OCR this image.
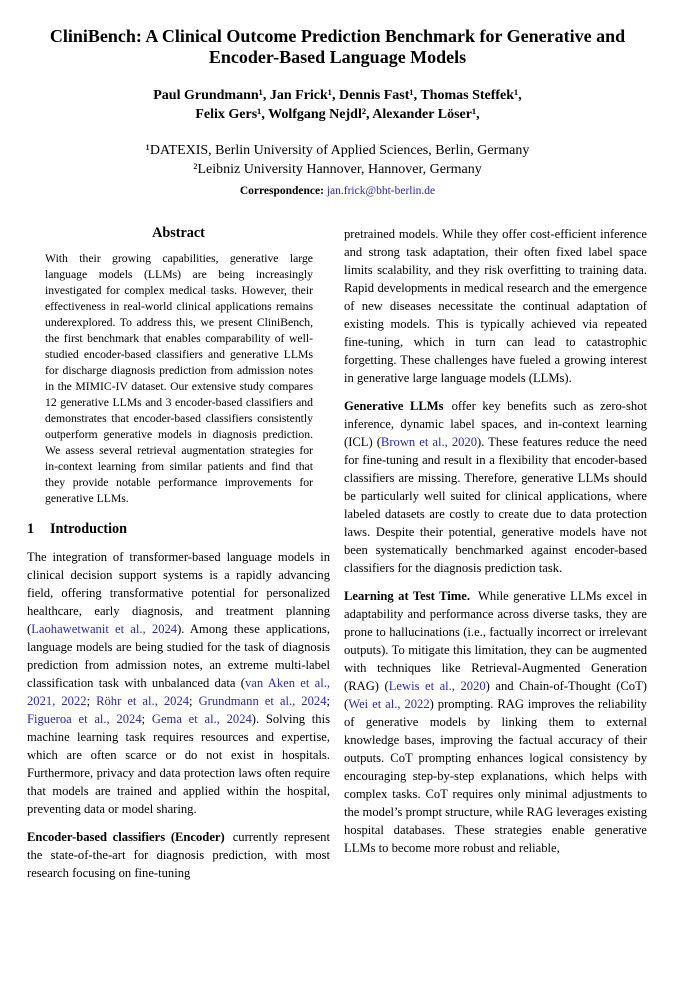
CliniBench: A Clinical Outcome Prediction Benchmark for Generative and
Encoder-Based Language Models
Paul Grundmann¹, Jan Frick¹, Dennis Fast¹, Thomas Steffek¹,
Felix Gers¹, Wolfgang Nejdl², Alexander Löser¹,
¹DATEXIS, Berlin University of Applied Sciences, Berlin, Germany
²Leibniz University Hannover, Hannover, Germany
Correspondence: jan.frick@bht-berlin.de
Abstract

With their growing capabilities, generative large language models (LLMs) are being increasingly investigated for complex medical tasks. However, their effectiveness in real-world clinical applications remains underexplored. To address this, we present CliniBench, the first benchmark that enables comparability of well-studied encoder-based classifiers and generative LLMs for discharge diagnosis prediction from admission notes in the MIMIC-IV dataset. Our extensive study compares 12 generative LLMs and 3 encoder-based classifiers and demonstrates that encoder-based classifiers consistently outperform generative models in diagnosis prediction. We assess several retrieval augmentation strategies for in-context learning from similar patients and find that they provide notable performance improvements for generative LLMs.

1 Introduction

The integration of transformer-based language models in clinical decision support systems is a rapidly advancing field, offering transformative potential for personalized healthcare, early diagnosis, and treatment planning (Laohawetwanit et al., 2024). Among these applications, language models are being studied for the task of diagnosis prediction from admission notes, an extreme multi-label classification task with unbalanced data (van Aken et al., 2021, 2022; Röhr et al., 2024; Grundmann et al., 2024; Figueroa et al., 2024; Gema et al., 2024). Solving this machine learning task requires resources and expertise, which are often scarce or do not exist in hospitals. Furthermore, privacy and data protection laws often require that models are trained and applied within the hospital, preventing data or model sharing.

Encoder-based classifiers (Encoder) currently represent the state-of-the-art for diagnosis prediction, with most research focusing on fine-tuning

pretrained models. While they offer cost-efficient inference and strong task adaptation, their often fixed label space limits scalability, and they risk overfitting to training data. Rapid developments in medical research and the emergence of new diseases necessitate the continual adaptation of existing models. This is typically achieved via repeated fine-tuning, which in turn can lead to catastrophic forgetting. These challenges have fueled a growing interest in generative large language models (LLMs).

Generative LLMs offer key benefits such as zero-shot inference, dynamic label spaces, and in-context learning (ICL) (Brown et al., 2020). These features reduce the need for fine-tuning and result in a flexibility that encoder-based classifiers are missing. Therefore, generative LLMs should be particularly well suited for clinical applications, where labeled datasets are costly to create due to data protection laws. Despite their potential, generative models have not been systematically benchmarked against encoder-based classifiers for the diagnosis prediction task.

Learning at Test Time. While generative LLMs excel in adaptability and performance across diverse tasks, they are prone to hallucinations (i.e., factually incorrect or irrelevant outputs). To mitigate this limitation, they can be augmented with techniques like Retrieval-Augmented Generation (RAG) (Lewis et al., 2020) and Chain-of-Thought (CoT) (Wei et al., 2022) prompting. RAG improves the reliability of generative models by linking them to external knowledge bases, improving the factual accuracy of their outputs. CoT prompting enhances logical consistency by encouraging step-by-step explanations, which helps with complex tasks. CoT requires only minimal adjustments to the model’s prompt structure, while RAG leverages existing hospital databases. These strategies enable generative LLMs to become more robust and reliable,
